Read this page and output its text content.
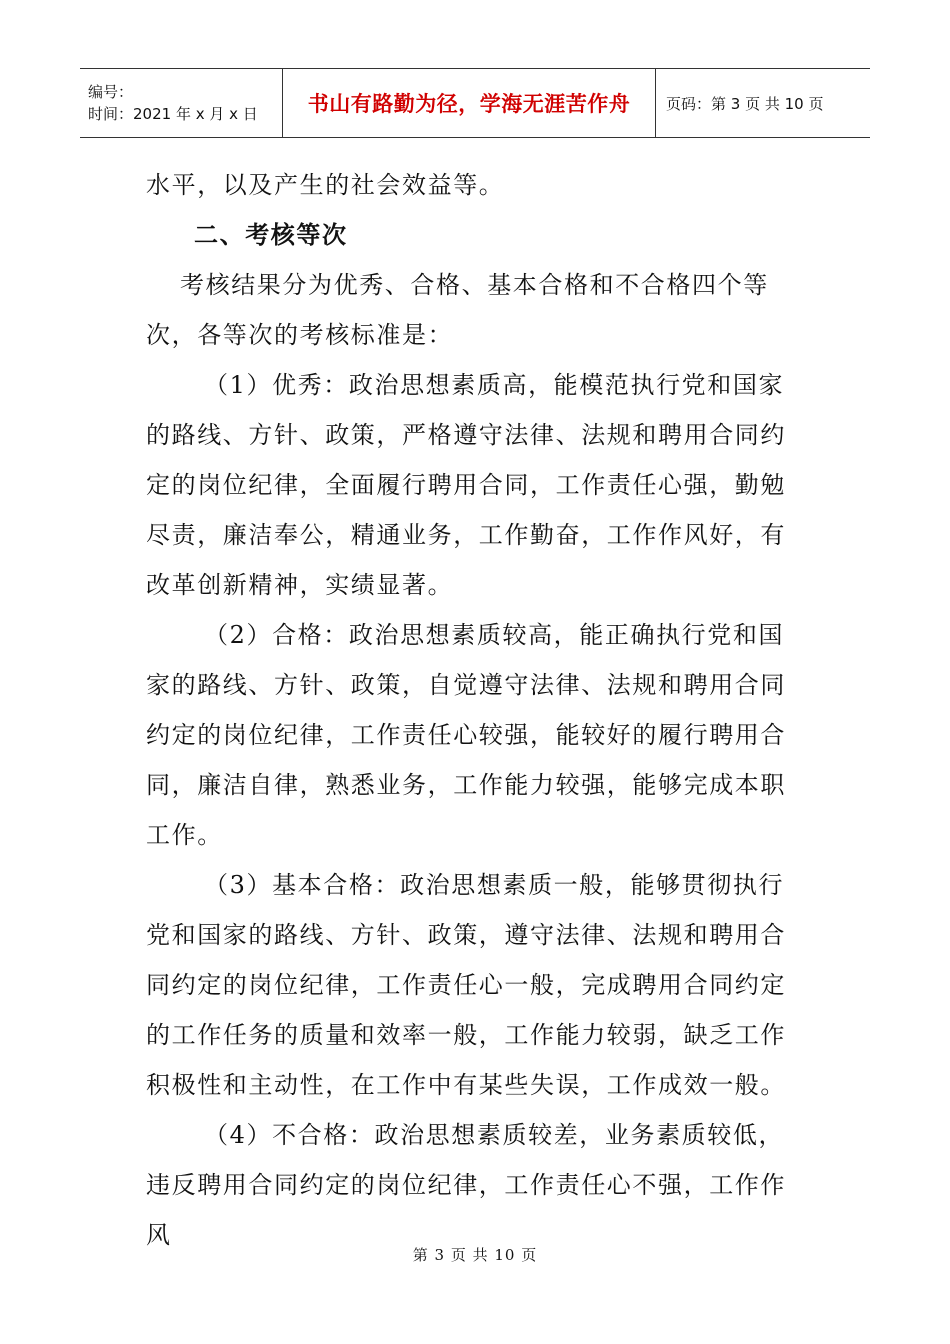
编号：
时间：2021 年 x 月 x 日	书山有路勤为径，学海无涯苦作舟	页码：第 3 页 共 10 页

水平，以及产生的社会效益等。

二、考核等次

考核结果分为优秀、合格、基本合格和不合格四个等次，各等次的考核标准是：

（1）优秀：政治思想素质高，能模范执行党和国家的路线、方针、政策，严格遵守法律、法规和聘用合同约定的岗位纪律，全面履行聘用合同，工作责任心强，勤勉尽责，廉洁奉公，精通业务，工作勤奋，工作作风好，有改革创新精神，实绩显著。

（2）合格：政治思想素质较高，能正确执行党和国家的路线、方针、政策，自觉遵守法律、法规和聘用合同约定的岗位纪律，工作责任心较强，能较好的履行聘用合同，廉洁自律，熟悉业务，工作能力较强，能够完成本职工作。

（3）基本合格：政治思想素质一般，能够贯彻执行党和国家的路线、方针、政策，遵守法律、法规和聘用合同约定的岗位纪律，工作责任心一般，完成聘用合同约定的工作任务的质量和效率一般，工作能力较弱，缺乏工作积极性和主动性，在工作中有某些失误，工作成效一般。

（4）不合格：政治思想素质较差，业务素质较低，违反聘用合同约定的岗位纪律，工作责任心不强，工作作风

第 3 页 共 10 页
